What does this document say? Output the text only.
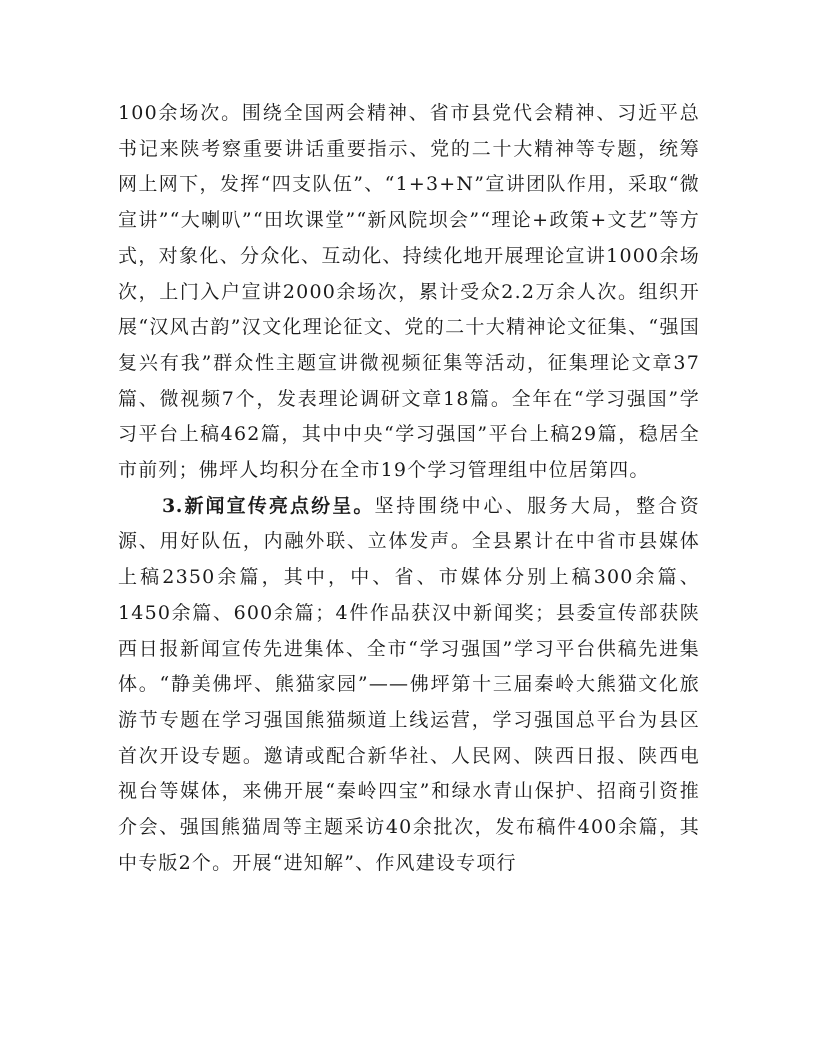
100余场次。围绕全国两会精神、省市县党代会精神、习近平总书记来陕考察重要讲话重要指示、党的二十大精神等专题，统筹网上网下，发挥“四支队伍”、“1+3+N”宣讲团队作用，采取“微宣讲”“大喇叭”“田坎课堂”“新风院坝会”“理论+政策+文艺”等方式，对象化、分众化、互动化、持续化地开展理论宣讲1000余场次，上门入户宣讲2000余场次，累计受众2.2万余人次。组织开展“汉风古韵”汉文化理论征文、党的二十大精神论文征集、“强国复兴有我”群众性主题宣讲微视频征集等活动，征集理论文章37篇、微视频7个，发表理论调研文章18篇。全年在“学习强国”学习平台上稿462篇，其中中央“学习强国”平台上稿29篇，稳居全市前列；佛坪人均积分在全市19个学习管理组中位居第四。

3.新闻宣传亮点纷呈。坚持围绕中心、服务大局，整合资源、用好队伍，内融外联、立体发声。全县累计在中省市县媒体上稿2350余篇，其中，中、省、市媒体分别上稿300余篇、1450余篇、600余篇；4件作品获汉中新闻奖；县委宣传部获陕西日报新闻宣传先进集体、全市“学习强国”学习平台供稿先进集体。“静美佛坪、熊猫家园”——佛坪第十三届秦岭大熊猫文化旅游节专题在学习强国熊猫频道上线运营，学习强国总平台为县区首次开设专题。邀请或配合新华社、人民网、陕西日报、陕西电视台等媒体，来佛开展“秦岭四宝”和绿水青山保护、招商引资推介会、强国熊猫周等主题采访40余批次，发布稿件400余篇，其中专版2个。开展“进知解”、作风建设专项行
